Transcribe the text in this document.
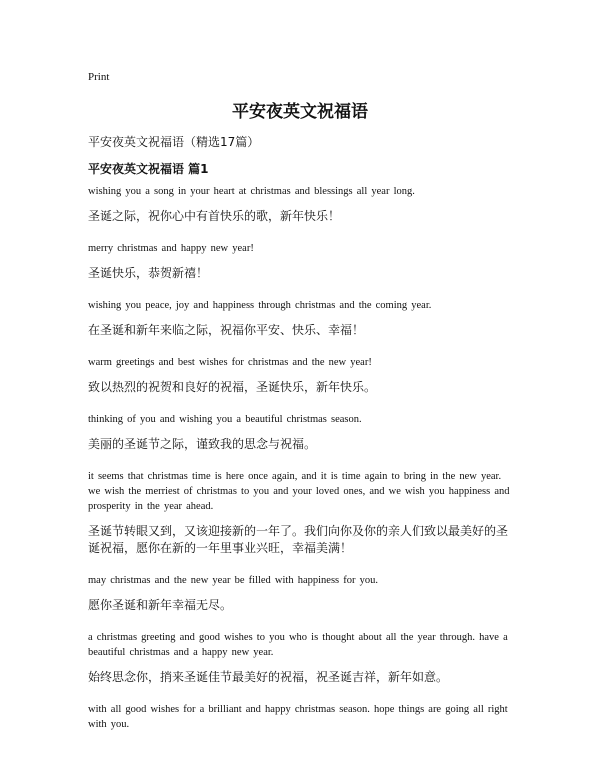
Print
平安夜英文祝福语
平安夜英文祝福语（精选17篇）
平安夜英文祝福语 篇1

wishing you a song in your heart at christmas and blessings all year long.

圣诞之际，祝你心中有首快乐的歌，新年快乐！

merry christmas and happy new year!

圣诞快乐，恭贺新禧！

wishing you peace, joy and happiness through christmas and the coming year.

在圣诞和新年来临之际，祝福你平安、快乐、幸福！

warm greetings and best wishes for christmas and the new year!

致以热烈的祝贺和良好的祝福，圣诞快乐，新年快乐。

thinking of you and wishing you a beautiful christmas season.

美丽的圣诞节之际，谨致我的思念与祝福。

it seems that christmas time is here once again, and it is time again to bring in the new year. we wish the merriest of christmas to you and your loved ones, and we wish you happiness and prosperity in the year ahead.

圣诞节转眼又到，又该迎接新的一年了。我们向你及你的亲人们致以最美好的圣诞祝福，愿你在新的一年里事业兴旺，幸福美满！

may christmas and the new year be filled with happiness for you.

愿你圣诞和新年幸福无尽。

a christmas greeting and good wishes to you who is thought about all the year through. have a beautiful christmas and a happy new year.

始终思念你，捎来圣诞佳节最美好的祝福，祝圣诞吉祥，新年如意。

with all good wishes for a brilliant and happy christmas season. hope things are going all right with you.
